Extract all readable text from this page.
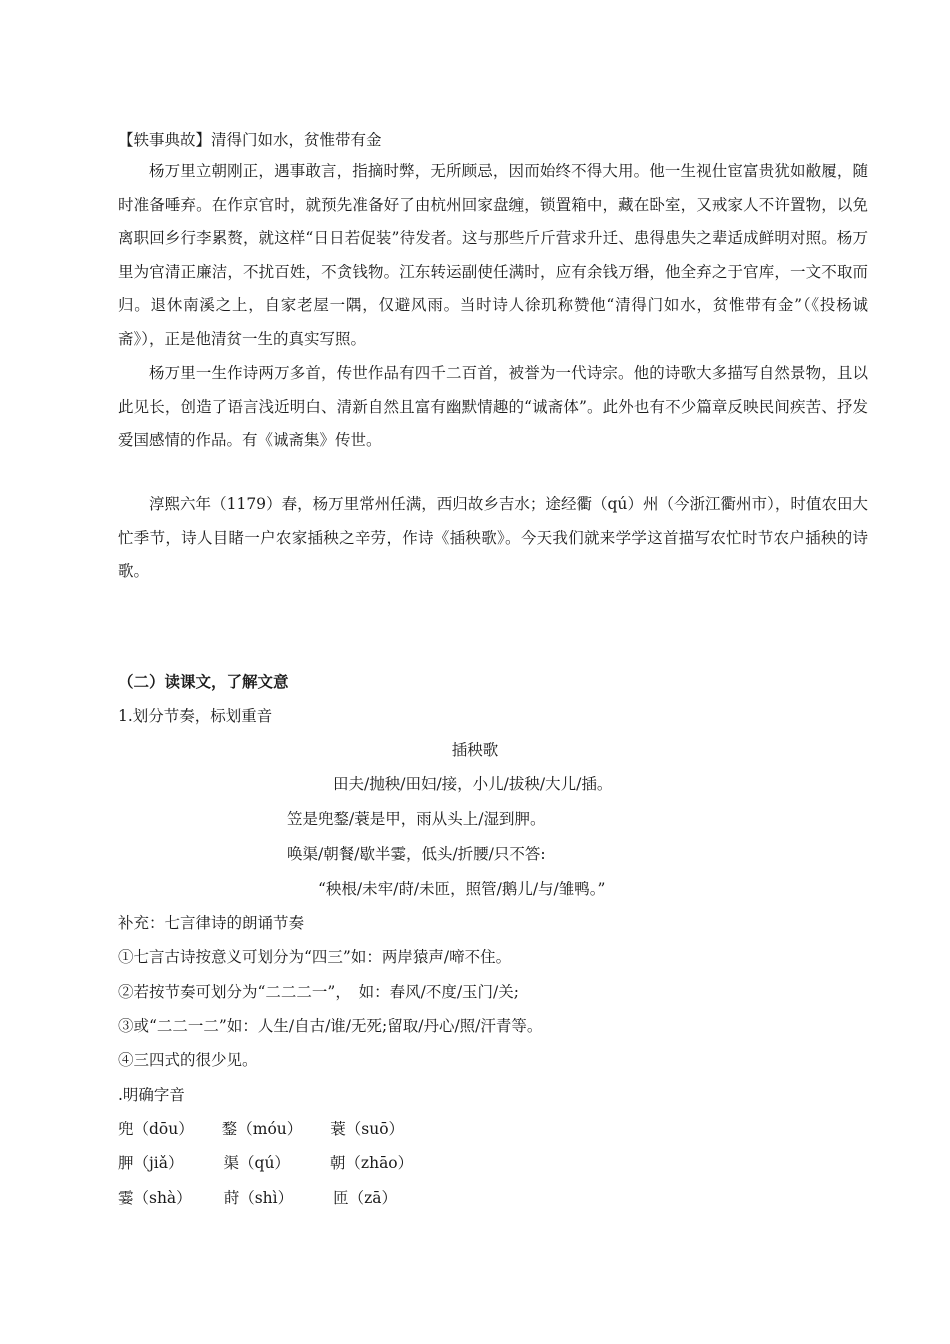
【轶事典故】清得门如水，贫惟带有金
杨万里立朝刚正，遇事敢言，指摘时弊，无所顾忌，因而始终不得大用。他一生视仕宦富贵犹如敝履，随时准备唾弃。在作京官时，就预先准备好了由杭州回家盘缠，锁置箱中，藏在卧室，又戒家人不许置物，以免离职回乡行李累赘，就这样“日日若促装”待发者。这与那些斤斤营求升迁、患得患失之辈适成鲜明对照。杨万里为官清正廉洁，不扰百姓，不贪钱物。江东转运副使任满时，应有余钱万缗，他全弃之于官库，一文不取而归。退休南溪之上，自家老屋一隅，仅避风雨。当时诗人徐玑称赞他“清得门如水，贫惟带有金”（《投杨诚斋》），正是他清贫一生的真实写照。
杨万里一生作诗两万多首，传世作品有四千二百首，被誉为一代诗宗。他的诗歌大多描写自然景物，且以此见长，创造了语言浅近明白、清新自然且富有幽默情趣的“诚斋体”。此外也有不少篇章反映民间疾苦、抒发爱国感情的作品。有《诚斋集》传世。
淳熙六年（1179）春，杨万里常州任满，西归故乡吉水；途经衢（qú）州（今浙江衢州市），时值农田大忙季节，诗人目睹一户农家插秧之辛劳，作诗《插秧歌》。今天我们就来学学这首描写农忙时节农户插秧的诗歌。
（二）读课文，了解文意
1.划分节奏，标划重音
插秧歌
田夫/抛秧/田妇/接，小儿/拔秧/大儿/插。
笠是兜鍪/蓑是甲，雨从头上/湿到胛。
唤渠/朝餐/歇半霎，低头/折腰/只不答:
“秧根/未牢/莳/未匝，照管/鹅儿/与/雏鸭。”
补充：七言律诗的朗诵节奏
①七言古诗按意义可划分为“四三”如：两岸猿声/啼不住。
②若按节奏可划分为“二二二一”，　如：春风/不度/玉门/关;
③或“二二一二”如：人生/自古/谁/无死;留取/丹心/照/汗青等。
④三四式的很少见。
.明确字音
兜（dōu） 鍪（móu） 蓑（suō）
胛（jiǎ）	渠（qú）	朝（zhāo）
霎（shà） 莳（shì）	匝（zā）
